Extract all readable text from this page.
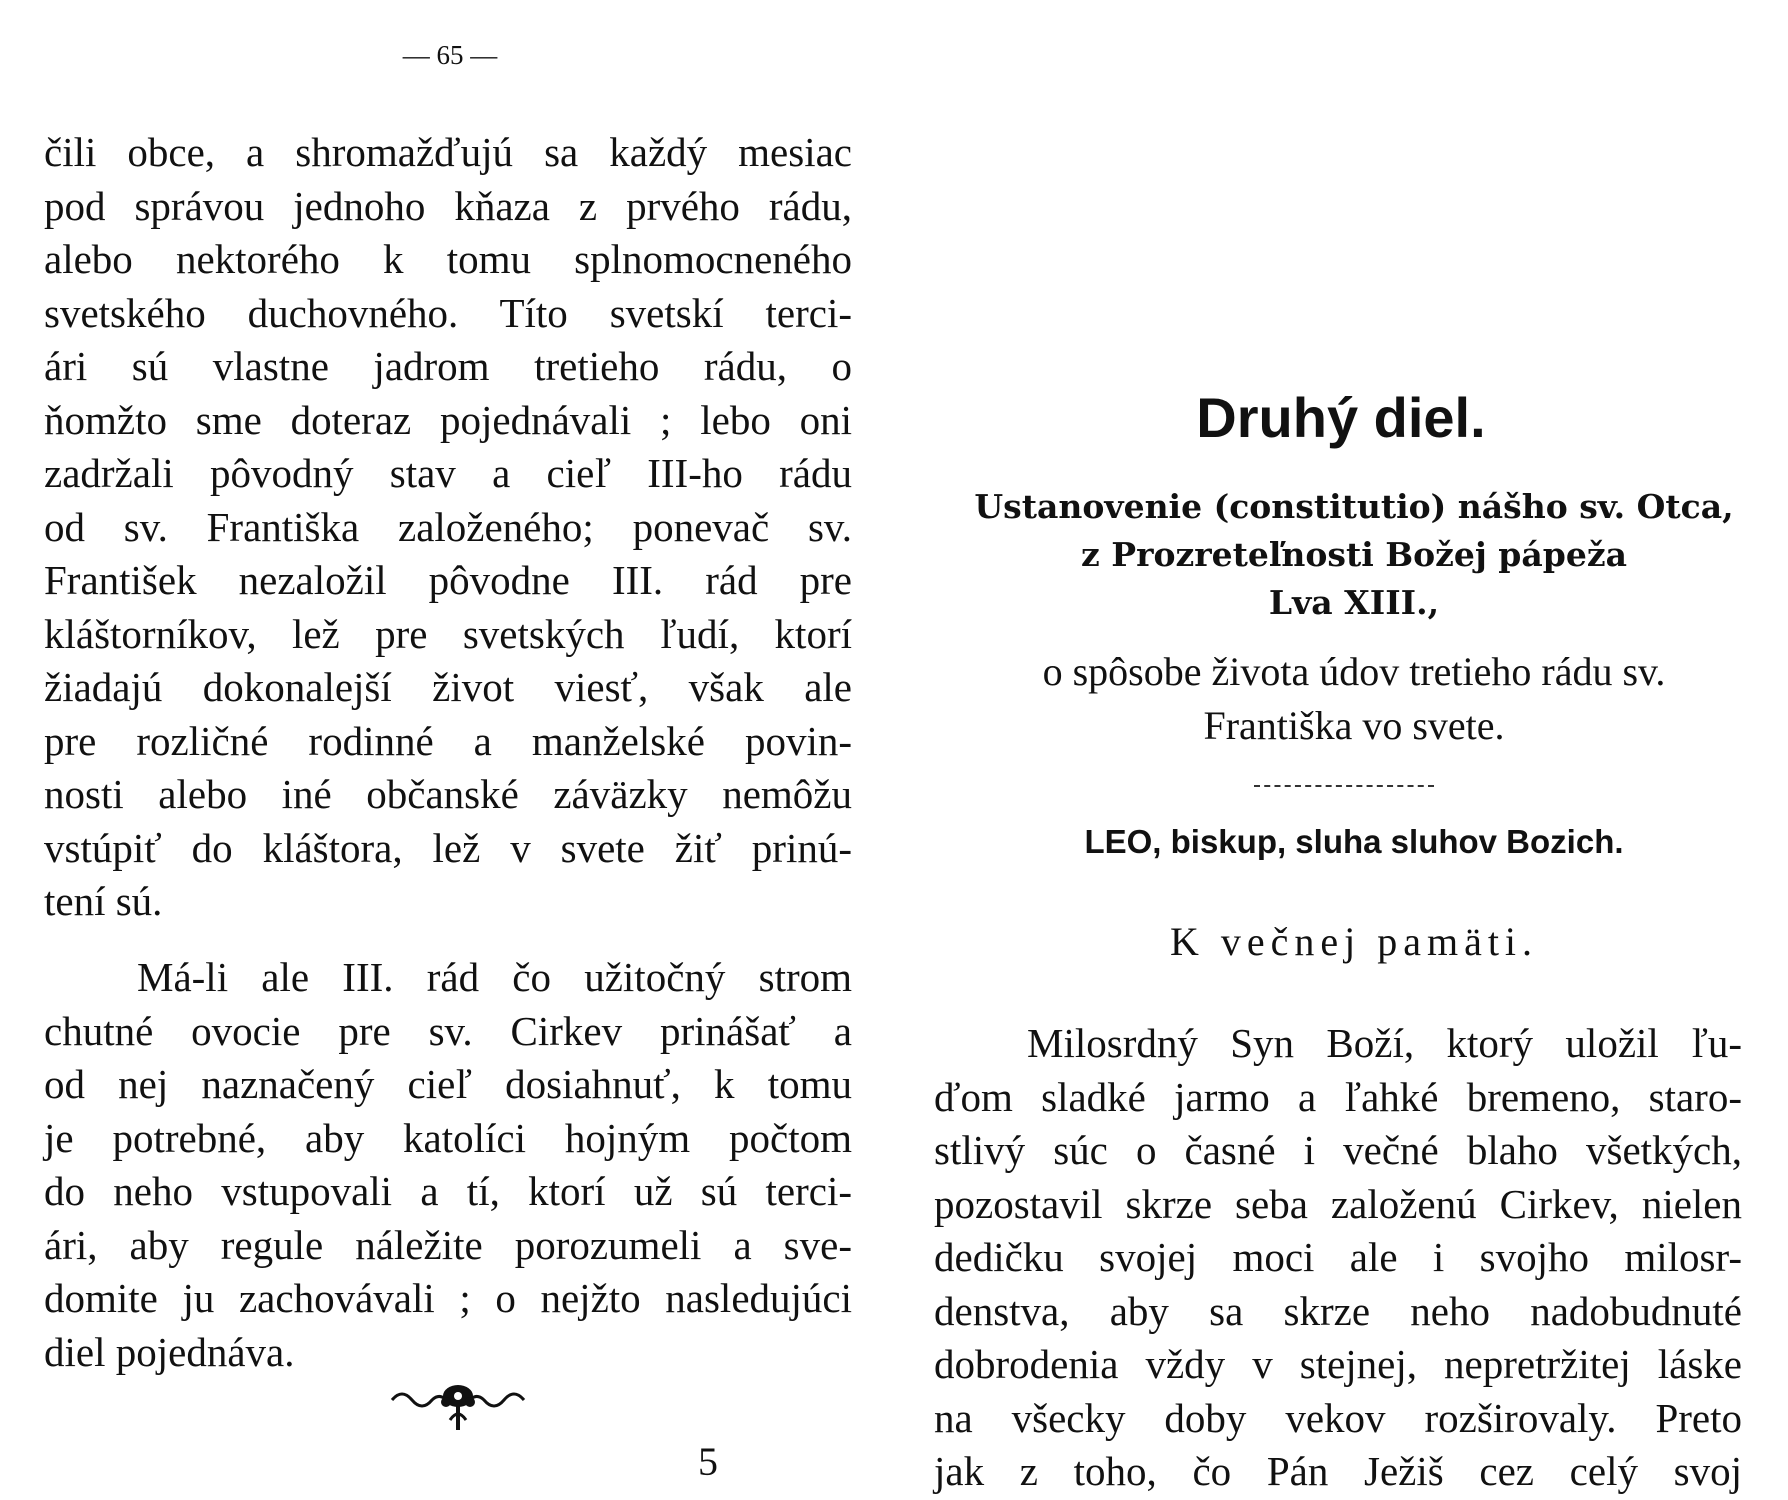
— 65 —
čili obce, a shromažďujú sa každý mesiac
pod správou jednoho kňaza z prvého rádu,
alebo nektorého k tomu splnomocneného
svetského duchovného. Títo svetskí terci-
ári sú vlastne jadrom tretieho rádu, o
ňomžto sme doteraz pojednávali ; lebo oni
zadržali pôvodný stav a cieľ III-ho rádu
od sv. Františka založeného; ponevač sv.
František nezaložil pôvodne III. rád pre
kláštorníkov, lež pre svetských ľudí, ktorí
žiadajú dokonalejší život viesť, však ale
pre rozličné rodinné a manželské povin-
nosti alebo iné občanské záväzky nemôžu
vstúpiť do kláštora, lež v svete žiť prinú-
tení sú.
Má-li ale III. rád čo užitočný strom
chutné ovocie pre sv. Cirkev prinášať a
od nej naznačený cieľ dosiahnuť, k tomu
je potrebné, aby katolíci hojným počtom
do neho vstupovali a tí, ktorí už sú terci-
ári, aby regule náležite porozumeli a sve-
domite ju zachovávali ; o nejžto nasledujúci
diel pojednáva.
5
Druhý diel.
Ustanovenie (constitutio) nášho sv. Otca,
z Prozreteľnosti Božej pápeža
Lva XIII.,
o spôsobe života údov tretieho rádu sv.
Františka vo svete.
LEO, biskup, sluha sluhov Bozich.
K večnej pamäti.
Milosrdný Syn Boží, ktorý uložil ľu-
ďom sladké jarmo a ľahké bremeno, staro-
stlivý súc o časné i večné blaho všetkých,
pozostavil skrze seba založenú Cirkev, nielen
dedičku svojej moci ale i svojho milosr-
denstva, aby sa skrze neho nadobudnuté
dobrodenia vždy v stejnej, nepretržitej láske
na všecky doby vekov rozširovaly. Preto
jak z toho, čo Pán Ježiš cez celý svoj
